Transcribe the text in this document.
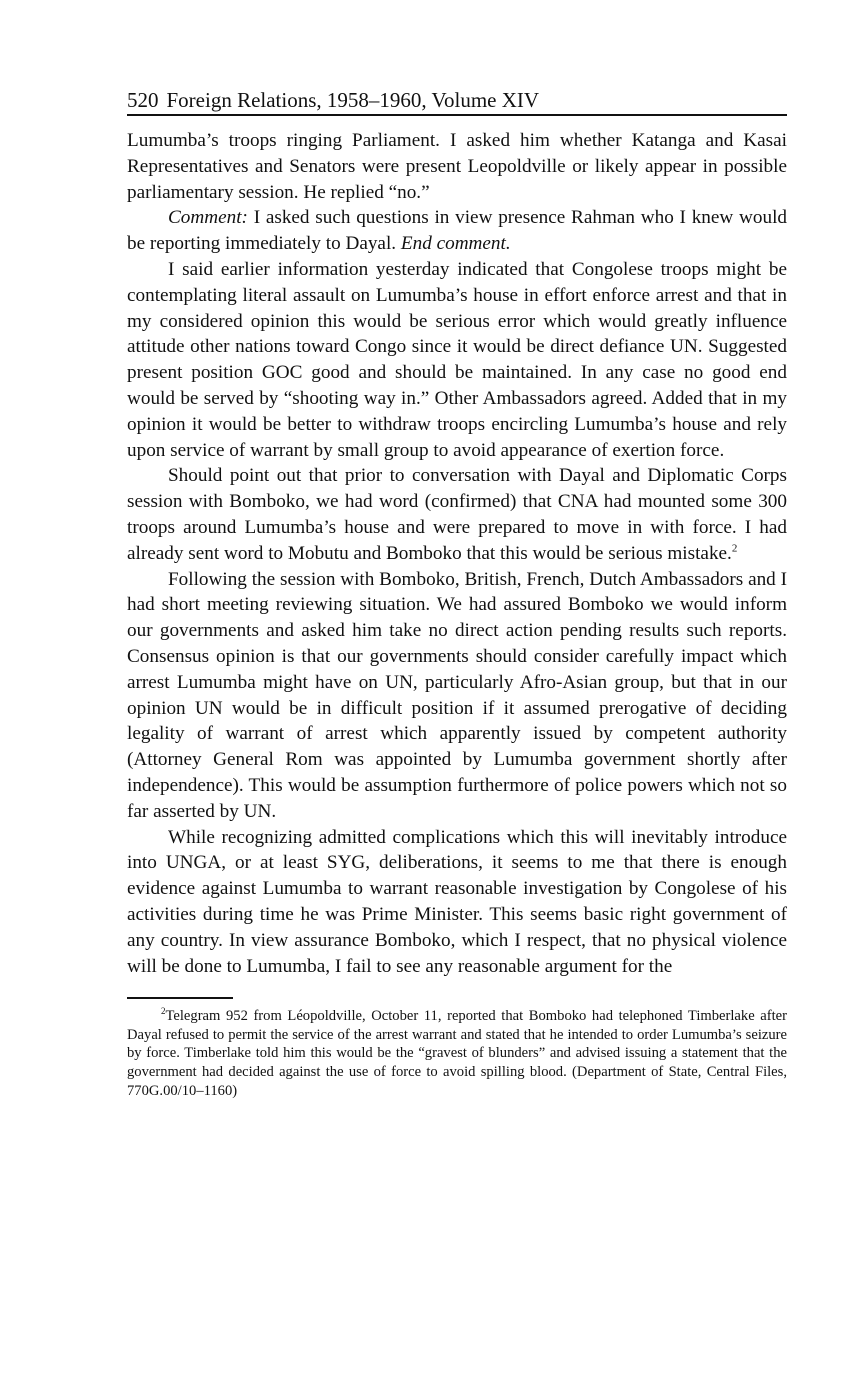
520 Foreign Relations, 1958–1960, Volume XIV

Lumumba’s troops ringing Parliament. I asked him whether Katanga and Kasai Representatives and Senators were present Leopoldville or likely appear in possible parliamentary session. He replied “no.”

Comment: I asked such questions in view presence Rahman who I knew would be reporting immediately to Dayal. End comment.

I said earlier information yesterday indicated that Congolese troops might be contemplating literal assault on Lumumba’s house in effort enforce arrest and that in my considered opinion this would be serious error which would greatly influence attitude other nations toward Congo since it would be direct defiance UN. Suggested present position GOC good and should be maintained. In any case no good end would be served by “shooting way in.” Other Ambassadors agreed. Added that in my opinion it would be better to withdraw troops encircling Lumumba’s house and rely upon service of warrant by small group to avoid appearance of exertion force.

Should point out that prior to conversation with Dayal and Diplomatic Corps session with Bomboko, we had word (confirmed) that CNA had mounted some 300 troops around Lumumba’s house and were prepared to move in with force. I had already sent word to Mobutu and Bomboko that this would be serious mistake.$^2$

Following the session with Bomboko, British, French, Dutch Ambassadors and I had short meeting reviewing situation. We had assured Bomboko we would inform our governments and asked him take no direct action pending results such reports. Consensus opinion is that our governments should consider carefully impact which arrest Lumumba might have on UN, particularly Afro-Asian group, but that in our opinion UN would be in difficult position if it assumed prerogative of deciding legality of warrant of arrest which apparently issued by competent authority (Attorney General Rom was appointed by Lumumba government shortly after independence). This would be assumption furthermore of police powers which not so far asserted by UN.

While recognizing admitted complications which this will inevitably introduce into UNGA, or at least SYG, deliberations, it seems to me that there is enough evidence against Lumumba to warrant reasonable investigation by Congolese of his activities during time he was Prime Minister. This seems basic right government of any country. In view assurance Bomboko, which I respect, that no physical violence will be done to Lumumba, I fail to see any reasonable argument for the

$^2$Telegram 952 from Léopoldville, October 11, reported that Bomboko had telephoned Timberlake after Dayal refused to permit the service of the arrest warrant and stated that he intended to order Lumumba’s seizure by force. Timberlake told him this would be the “gravest of blunders” and advised issuing a statement that the government had decided against the use of force to avoid spilling blood. (Department of State, Central Files, 770G.00/10–1160)
